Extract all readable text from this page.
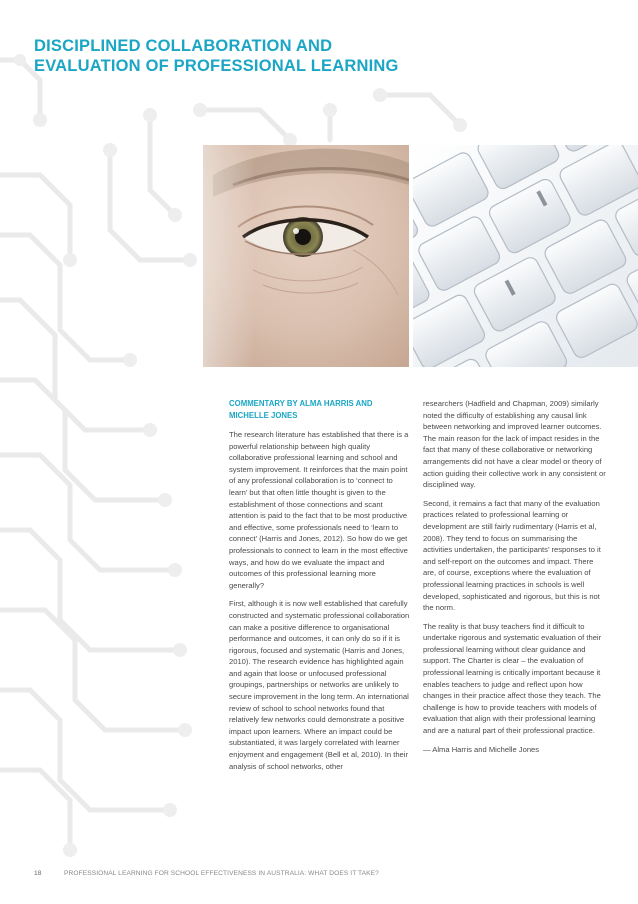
DISCIPLINED COLLABORATION AND
EVALUATION OF PROFESSIONAL LEARNING
COMMENTARY BY ALMA HARRIS AND MICHELLE JONES

The research literature has established that there is a powerful relationship between high quality collaborative professional learning and school and system improvement. It reinforces that the main point of any professional collaboration is to ‘connect to learn’ but that often little thought is given to the establishment of those connections and scant attention is paid to the fact that to be most productive and effective, some professionals need to ‘learn to connect’ (Harris and Jones, 2012). So how do we get professionals to connect to learn in the most effective ways, and how do we evaluate the impact and outcomes of this professional learning more generally?

First, although it is now well established that carefully constructed and systematic professional collaboration can make a positive difference to organisational performance and outcomes, it can only do so if it is rigorous, focused and systematic (Harris and Jones, 2010). The research evidence has highlighted again and again that loose or unfocused professional groupings, partnerships or networks are unlikely to secure improvement in the long term. An international review of school to school networks found that relatively few networks could demonstrate a positive impact upon learners. Where an impact could be substantiated, it was largely correlated with learner enjoyment and engagement (Bell et al, 2010). In their analysis of school networks, other

researchers (Hadfield and Chapman, 2009) similarly noted the difficulty of establishing any causal link between networking and improved learner outcomes. The main reason for the lack of impact resides in the fact that many of these collaborative or networking arrangements did not have a clear model or theory of action guiding their collective work in any consistent or disciplined way.

Second, it remains a fact that many of the evaluation practices related to professional learning or development are still fairly rudimentary (Harris et al, 2008). They tend to focus on summarising the activities undertaken, the participants’ responses to it and self-report on the outcomes and impact. There are, of course, exceptions where the evaluation of professional learning practices in schools is well developed, sophisticated and rigorous, but this is not the norm.

The reality is that busy teachers find it difficult to undertake rigorous and systematic evaluation of their professional learning without clear guidance and support. The Charter is clear – the evaluation of professional learning is critically important because it enables teachers to judge and reflect upon how changes in their practice affect those they teach. The challenge is how to provide teachers with models of evaluation that align with their professional learning and are a natural part of their professional practice.

— Alma Harris and Michelle Jones

18	PROFESSIONAL LEARNING FOR SCHOOL EFFECTIVENESS IN AUSTRALIA: WHAT DOES IT TAKE?
